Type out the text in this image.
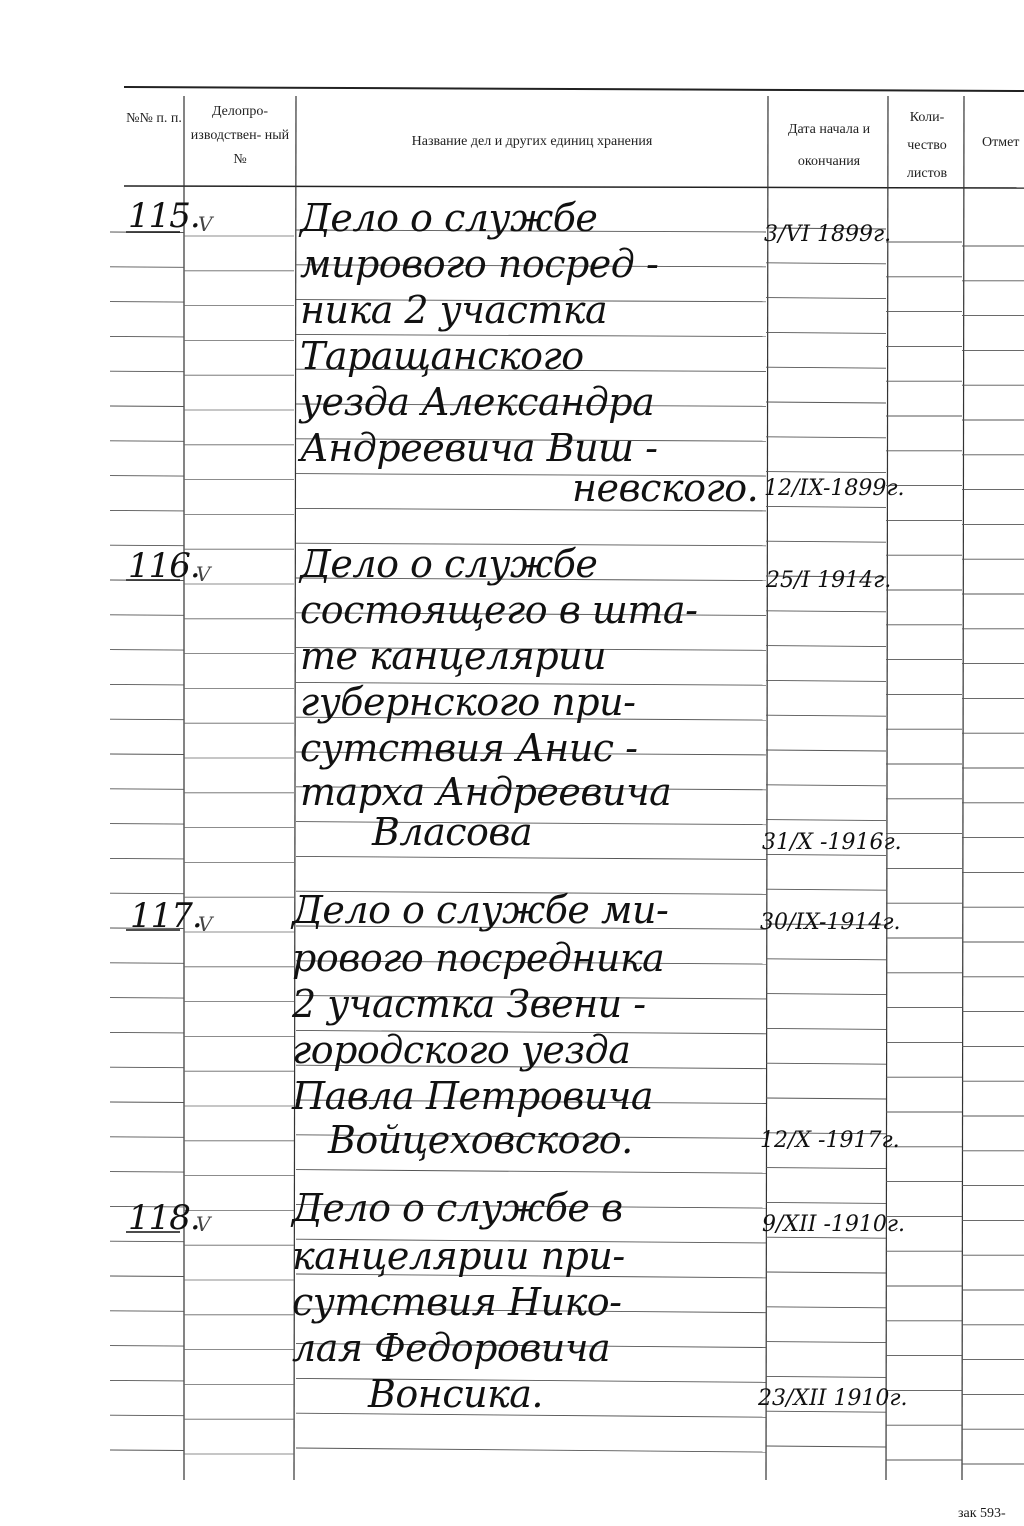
№№ п. п.	Делопро- изводствен- ный №
Название дел и других единиц хранения
Дата начала и окончания
Коли- чество листов
Отмет
115.
V Дело о службе
мирового посред -
ника 2 участка
Таращанского
уезда Александра
Андреевича Виш -
невского.
3/VI 1899г.
12/IX-1899г.
116.
V Дело о службе
состоящего в шта-
те канцелярии
губернского при-
сутствия Анис -
тарха Андреевича
Власова
25/I 1914г.
31/X -1916г.
117.
V Дело о службе ми-
рового посредника
2 участка Звени -
городского уезда
Павла Петровича
Войцеховского.
30/IX-1914г.
12/X -1917г.
118.
V Дело о службе в
канцелярии при-
сутствия Нико-
лая Федоровича
Вонсика.
9/XII -1910г.
23/XII 1910г.
зак 593-
